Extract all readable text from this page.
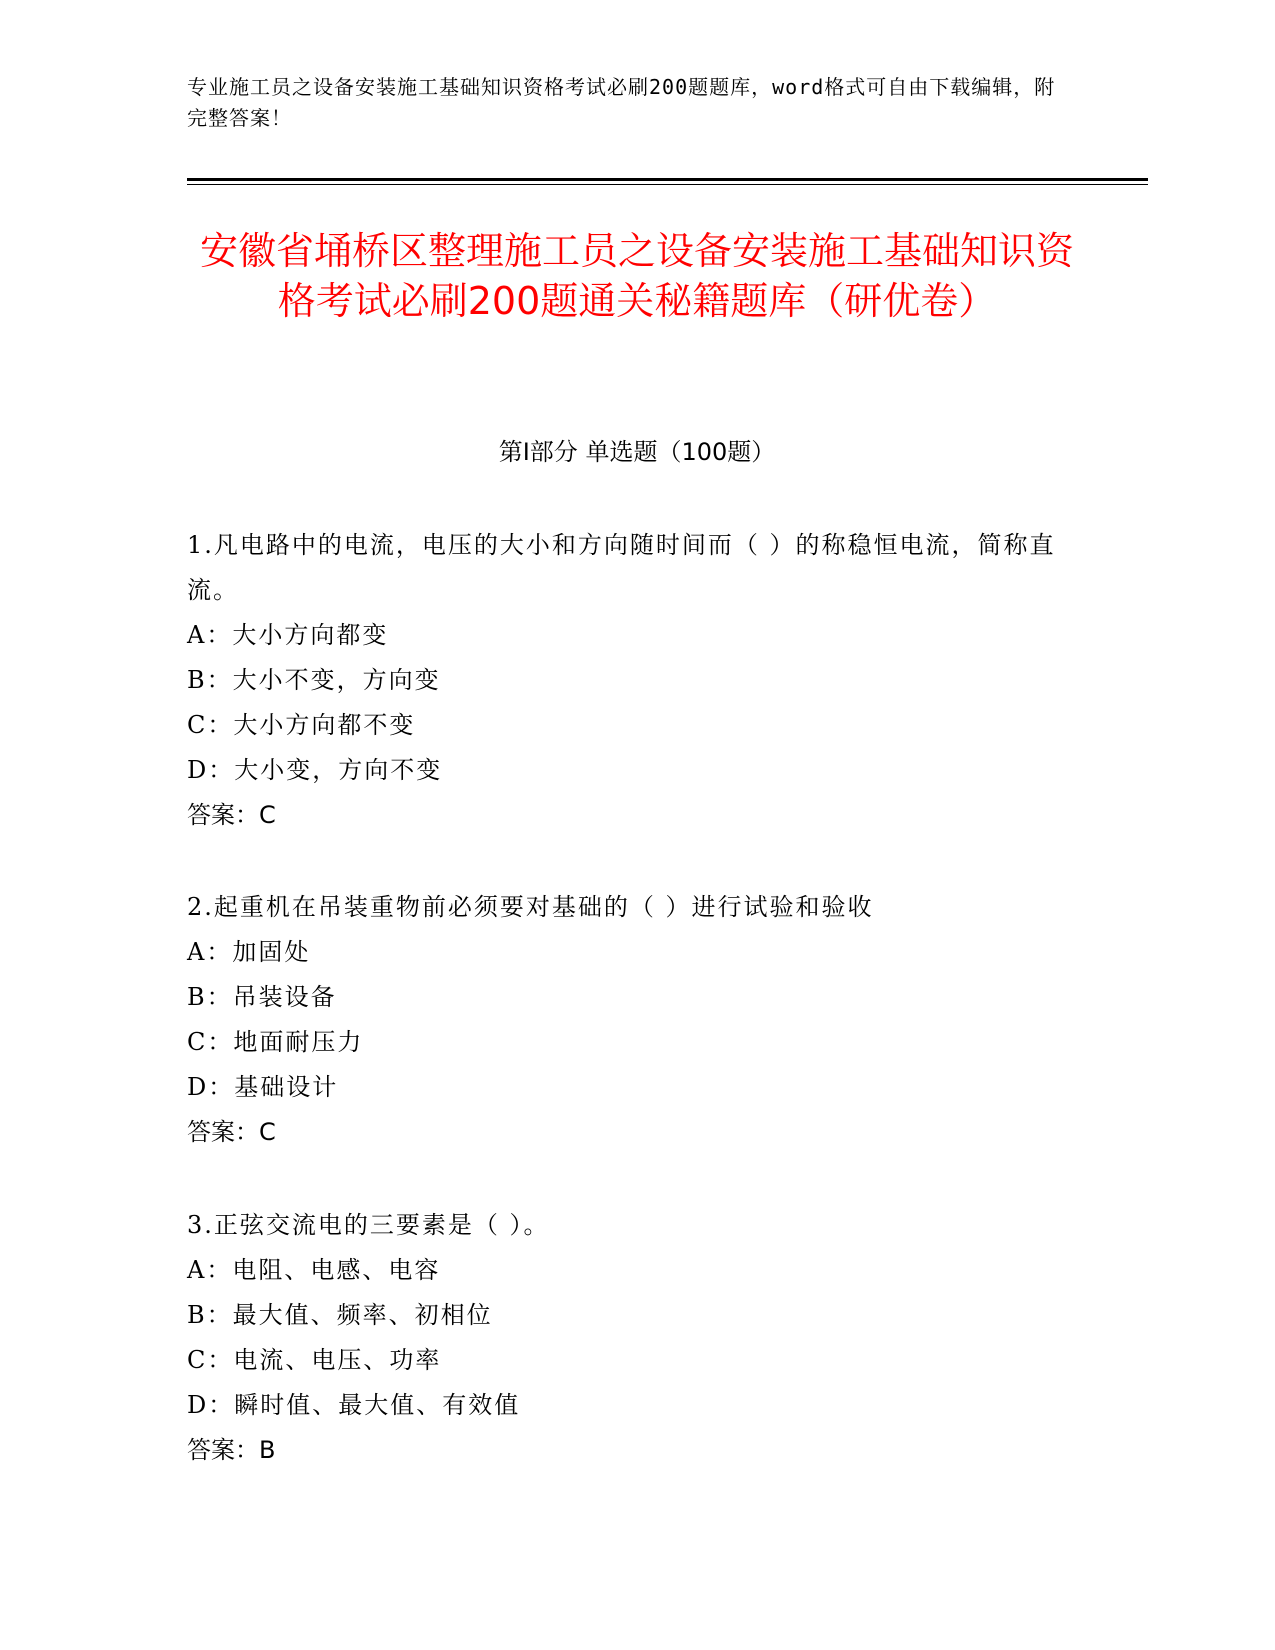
专业施工员之设备安装施工基础知识资格考试必刷200题题库，word格式可自由下载编辑，附完整答案！
安徽省埇桥区整理施工员之设备安装施工基础知识资格考试必刷200题通关秘籍题库（研优卷）
第Ⅰ部分 单选题（100题）
1.凡电路中的电流，电压的大小和方向随时间而（ ）的称稳恒电流，简称直流。
A：大小方向都变
B：大小不变，方向变
C：大小方向都不变
D：大小变，方向不变
答案：C
2.起重机在吊装重物前必须要对基础的（ ）进行试验和验收
A：加固处
B：吊装设备
C：地面耐压力
D：基础设计
答案：C
3.正弦交流电的三要素是（ ）。
A：电阻、电感、电容
B：最大值、频率、初相位
C：电流、电压、功率
D：瞬时值、最大值、有效值
答案：B
